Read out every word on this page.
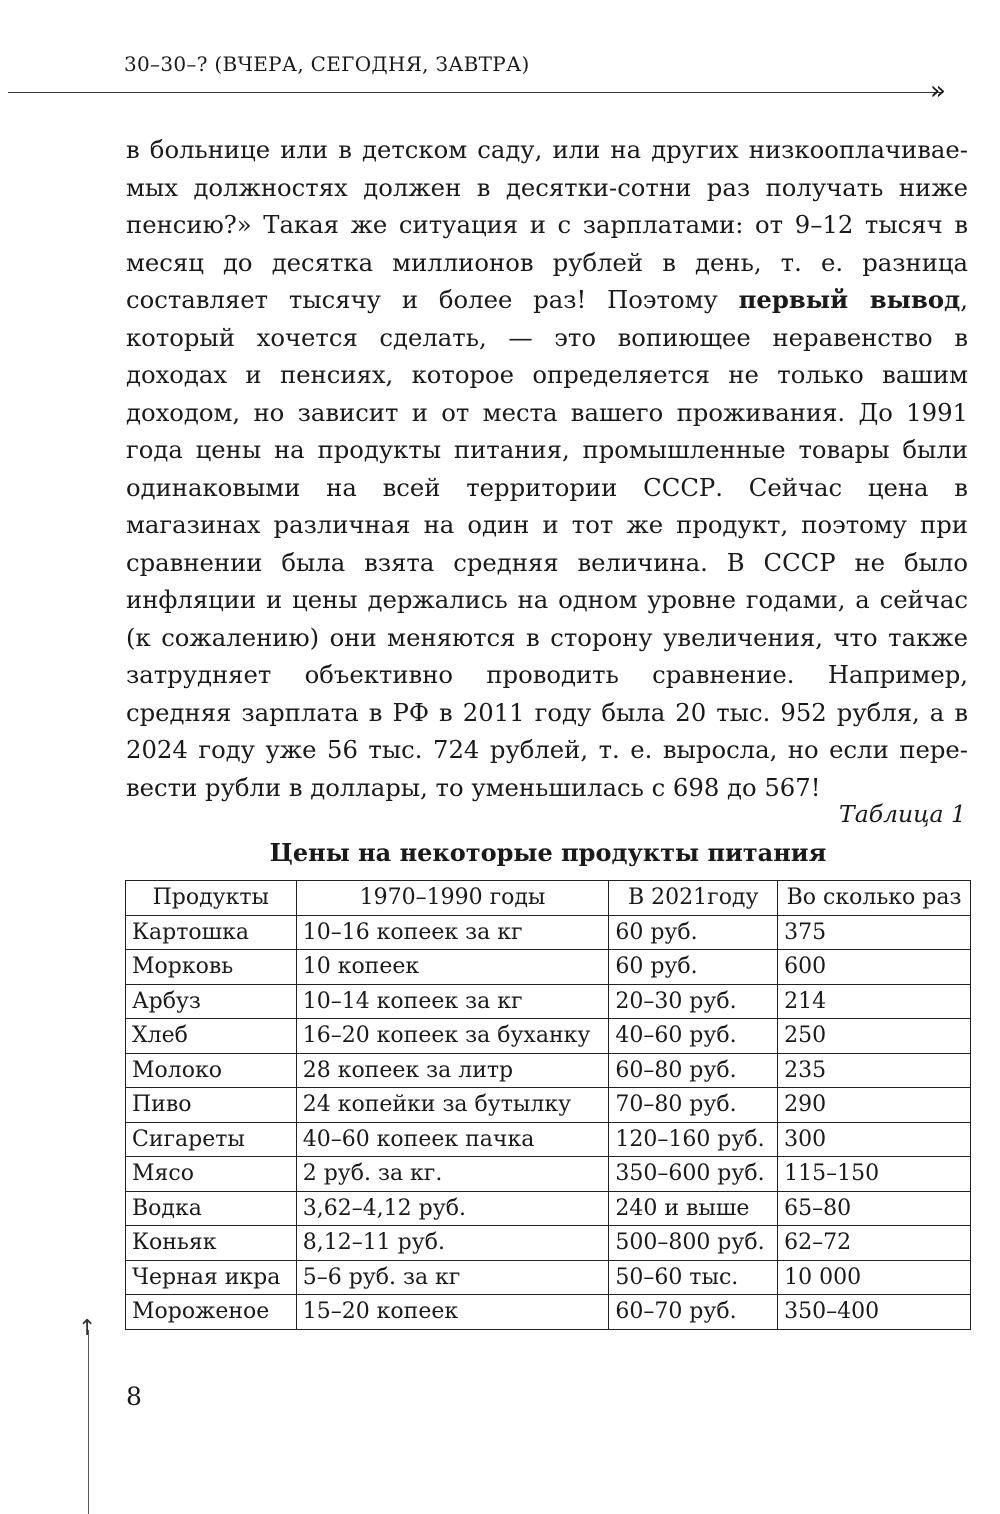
30–30–? (ВЧЕРА, СЕГОДНЯ, ЗАВТРА)
»
в больнице или в детском саду, или на других низкооплачиваемых должностях должен в десятки-сотни раз получать ниже пенсию?» Такая же ситуация и с зарплатами: от 9–12 тысяч в месяц до десятка миллионов рублей в день, т. е. разница составляет тысячу и более раз! Поэтому первый вывод, который хочется сделать, — это вопиющее неравенство в доходах и пенсиях, которое определяется не только вашим доходом, но зависит и от места вашего проживания. До 1991 года цены на продукты питания, промышленные товары были одинаковыми на всей территории СССР. Сейчас цена в магазинах различная на один и тот же продукт, поэтому при сравнении была взята средняя величина. В СССР не было инфляции и цены держались на одном уровне годами, а сейчас (к сожалению) они меняются в сторону увеличения, что также затрудняет объективно проводить сравнение. Например, средняя зарплата в РФ в 2011 году была 20 тыс. 952 рубля, а в 2024 году уже 56 тыс. 724 рублей, т. е. выросла, но если перевести рубли в доллары, то уменьшилась с 698 до 567!
Таблица 1
Цены на некоторые продукты питания
Продукты	1970–1990 годы	В 2021году	Во сколько раз
Картошка	10–16 копеек за кг	60 руб.	375
Морковь	10 копеек	60 руб.	600
Арбуз	10–14 копеек за кг	20–30 руб.	214
Хлеб	16–20 копеек за буханку	40–60 руб.	250
Молоко	28 копеек за литр	60–80 руб.	235
Пиво	24 копейки за бутылку	70–80 руб.	290
Сигареты	40–60 копеек пачка	120–160 руб.	300
Мясо	2 руб. за кг.	350–600 руб.	115–150
Водка	3,62–4,12 руб.	240 и выше	65–80
Коньяк	8,12–11 руб.	500–800 руб.	62–72
Черная икра	5–6 руб. за кг	50–60 тыс.	10 000
Мороженое	15–20 копеек	60–70 руб.	350–400
↑
8
